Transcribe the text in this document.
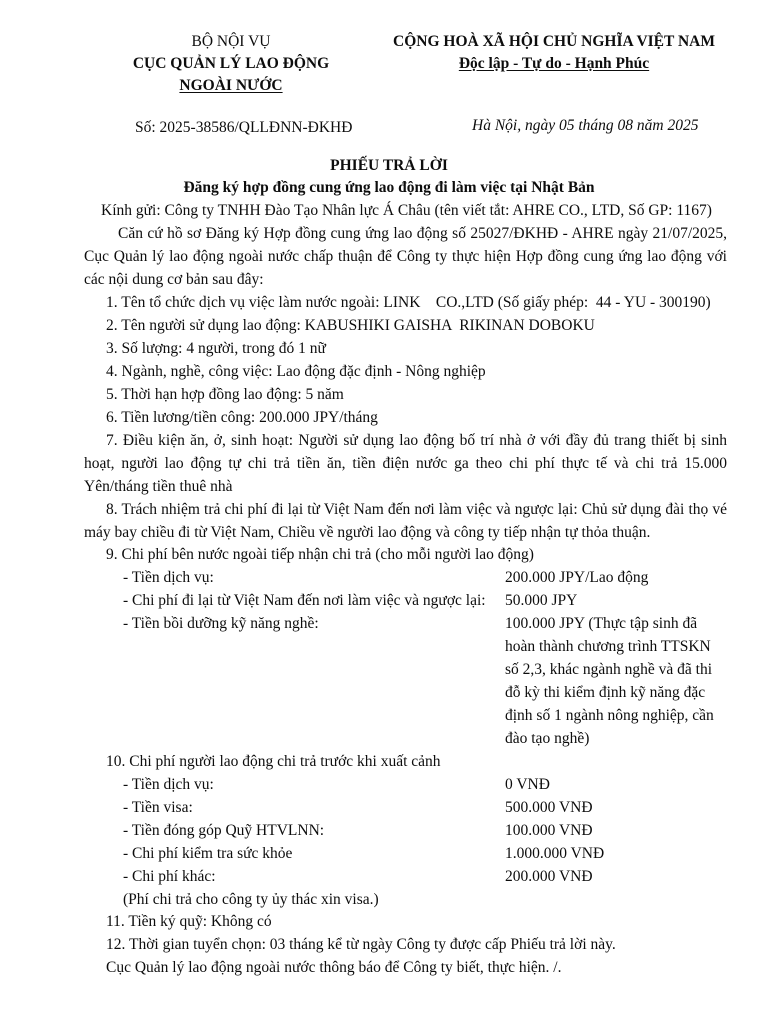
BỘ NỘI VỤ
CỤC QUẢN LÝ LAO ĐỘNG
NGOÀI NƯỚC
CỘNG HOÀ XÃ HỘI CHỦ NGHĨA VIỆT NAM
Độc lập - Tự do - Hạnh Phúc
Số: 2025-38586/QLLĐNN-ĐKHĐ	Hà Nội, ngày 05 tháng 08 năm 2025
PHIẾU TRẢ LỜI
Đăng ký hợp đồng cung ứng lao động đi làm việc tại Nhật Bản
Kính gửi: Công ty TNHH Đào Tạo Nhân lực Á Châu (tên viết tắt: AHRE CO., LTD, Số GP: 1167)
Căn cứ hồ sơ Đăng ký Hợp đồng cung ứng lao động số 25027/ĐKHĐ - AHRE ngày 21/07/2025,
Cục Quản lý lao động ngoài nước chấp thuận để Công ty thực hiện Hợp đồng cung ứng lao động với
các nội dung cơ bản sau đây:
1. Tên tổ chức dịch vụ việc làm nước ngoài: LINK    CO.,LTD (Số giấy phép:  44 - YU - 300190)
2. Tên người sử dụng lao động: KABUSHIKI GAISHA  RIKINAN DOBOKU
3. Số lượng: 4 người, trong đó 1 nữ
4. Ngành, nghề, công việc: Lao động đặc định - Nông nghiệp
5. Thời hạn hợp đồng lao động: 5 năm
6. Tiền lương/tiền công: 200.000 JPY/tháng
7. Điều kiện ăn, ở, sinh hoạt: Người sử dụng lao động bố trí nhà ở với đầy đủ trang thiết bị sinh
hoạt, người lao động tự chi trả tiền ăn, tiền điện nước ga theo chi phí thực tế và chi trả 15.000
Yên/tháng tiền thuê nhà
8. Trách nhiệm trả chi phí đi lại từ Việt Nam đến nơi làm việc và ngược lại: Chủ sử dụng đài thọ vé
máy bay chiều đi từ Việt Nam, Chiều về người lao động và công ty tiếp nhận tự thỏa thuận.
9. Chi phí bên nước ngoài tiếp nhận chi trả (cho mỗi người lao động)
- Tiền dịch vụ:	200.000 JPY/Lao động
- Chi phí đi lại từ Việt Nam đến nơi làm việc và ngược lại:	50.000 JPY
- Tiền bồi dưỡng kỹ năng nghề:	100.000 JPY (Thực tập sinh đã
hoàn thành chương trình TTSKN
số 2,3, khác ngành nghề và đã thi
đỗ kỳ thi kiểm định kỹ năng đặc
định số 1 ngành nông nghiệp, cần
đào tạo nghề)
10. Chi phí người lao động chi trả trước khi xuất cảnh
- Tiền dịch vụ:	0 VNĐ
- Tiền visa:	500.000 VNĐ
- Tiền đóng góp Quỹ HTVLNN:	100.000 VNĐ
- Chi phí kiểm tra sức khỏe	1.000.000 VNĐ
- Chi phí khác:	200.000 VNĐ
(Phí chi trả cho công ty ủy thác xin visa.)
11. Tiền ký quỹ: Không có
12. Thời gian tuyển chọn: 03 tháng kể từ ngày Công ty được cấp Phiếu trả lời này.
Cục Quản lý lao động ngoài nước thông báo để Công ty biết, thực hiện. /.
